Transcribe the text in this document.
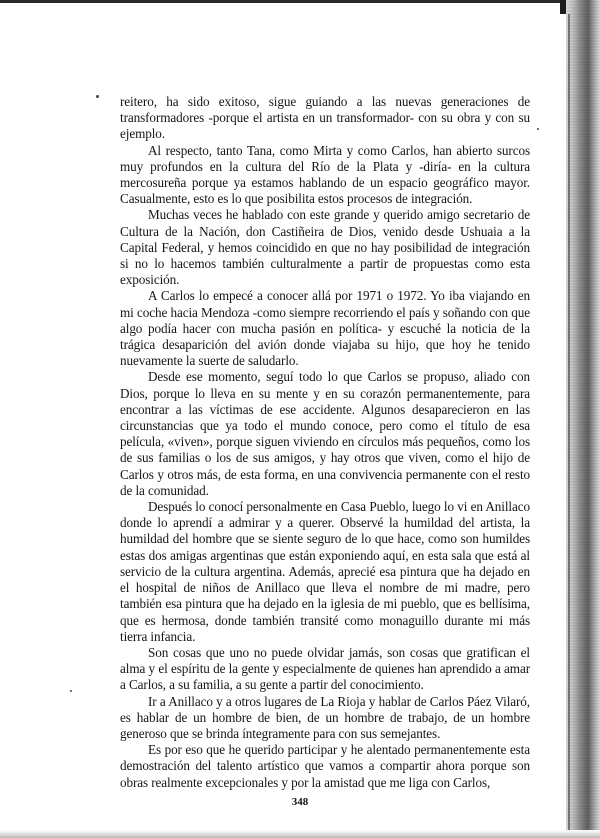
reiterо, ha sido exitoso, sigue guiando a las nuevas generaciones de transformadores -porque el artista en un transformador- con su obra y con su ejemplo.

Al respecto, tanto Tana, como Mirta y como Carlos, han abierto surcos muy profundos en la cultura del Río de la Plata y -diría- en la cultura mercosureña porque ya estamos hablando de un espacio geográfico mayor. Casualmente, esto es lo que posibilita estos procesos de integración.

Muchas veces he hablado con este grande y querido amigo secretario de Cultura de la Nación, don Castiñeira de Dios, venido desde Ushuaia a la Capital Federal, y hemos coincidido en que no hay posibilidad de integración si no lo hacemos también culturalmente a partir de propuestas como esta exposición.

A Carlos lo empecé a conocer allá por 1971 o 1972. Yo iba viajando en mi coche hacia Mendoza -como siempre recorriendo el país y soñando con que algo podía hacer con mucha pasión en política- y escuché la noticia de la trágica desaparición del avión donde viajaba su hijo, que hoy he tenido nuevamente la suerte de saludarlo.

Desde ese momento, seguí todo lo que Carlos se propuso, aliado con Dios, porque lo lleva en su mente y en su corazón permanentemente, para encontrar a las víctimas de ese accidente. Algunos desaparecieron en las circunstancias que ya todo el mundo conoce, pero como el título de esa película, «viven», porque siguen viviendo en círculos más pequeños, como los de sus familias o los de sus amigos, y hay otros que viven, como el hijo de Carlos y otros más, de esta forma, en una convivencia permanente con el resto de la comunidad.

Después lo conocí personalmente en Casa Pueblo, luego lo vi en Anillaco donde lo aprendí a admirar y a querer. Observé la humildad del artista, la humildad del hombre que se siente seguro de lo que hace, como son humildes estas dos amigas argentinas que están exponiendo aquí, en esta sala que está al servicio de la cultura argentina. Además, aprecié esa pintura que ha dejado en el hospital de niños de Anillaco que lleva el nombre de mi madre, pero también esa pintura que ha dejado en la iglesia de mi pueblo, que es bellísima, que es hermosa, donde también transité como monaguillo durante mi más tierra infancia.

Son cosas que uno no puede olvidar jamás, son cosas que gratifican el alma y el espíritu de la gente y especialmente de quienes han aprendido a amar a Carlos, a su familia, a su gente a partir del conocimiento.

Ir a Anillaco y a otros lugares de La Rioja y hablar de Carlos Páez Vilaró, es hablar de un hombre de bien, de un hombre de trabajo, de un hombre generoso que se brinda íntegramente para con sus semejantes.

Es por eso que he querido participar y he alentado permanentemente esta demostración del talento artístico que vamos a compartir ahora porque son obras realmente excepcionales y por la amistad que me liga con Carlos,

348
